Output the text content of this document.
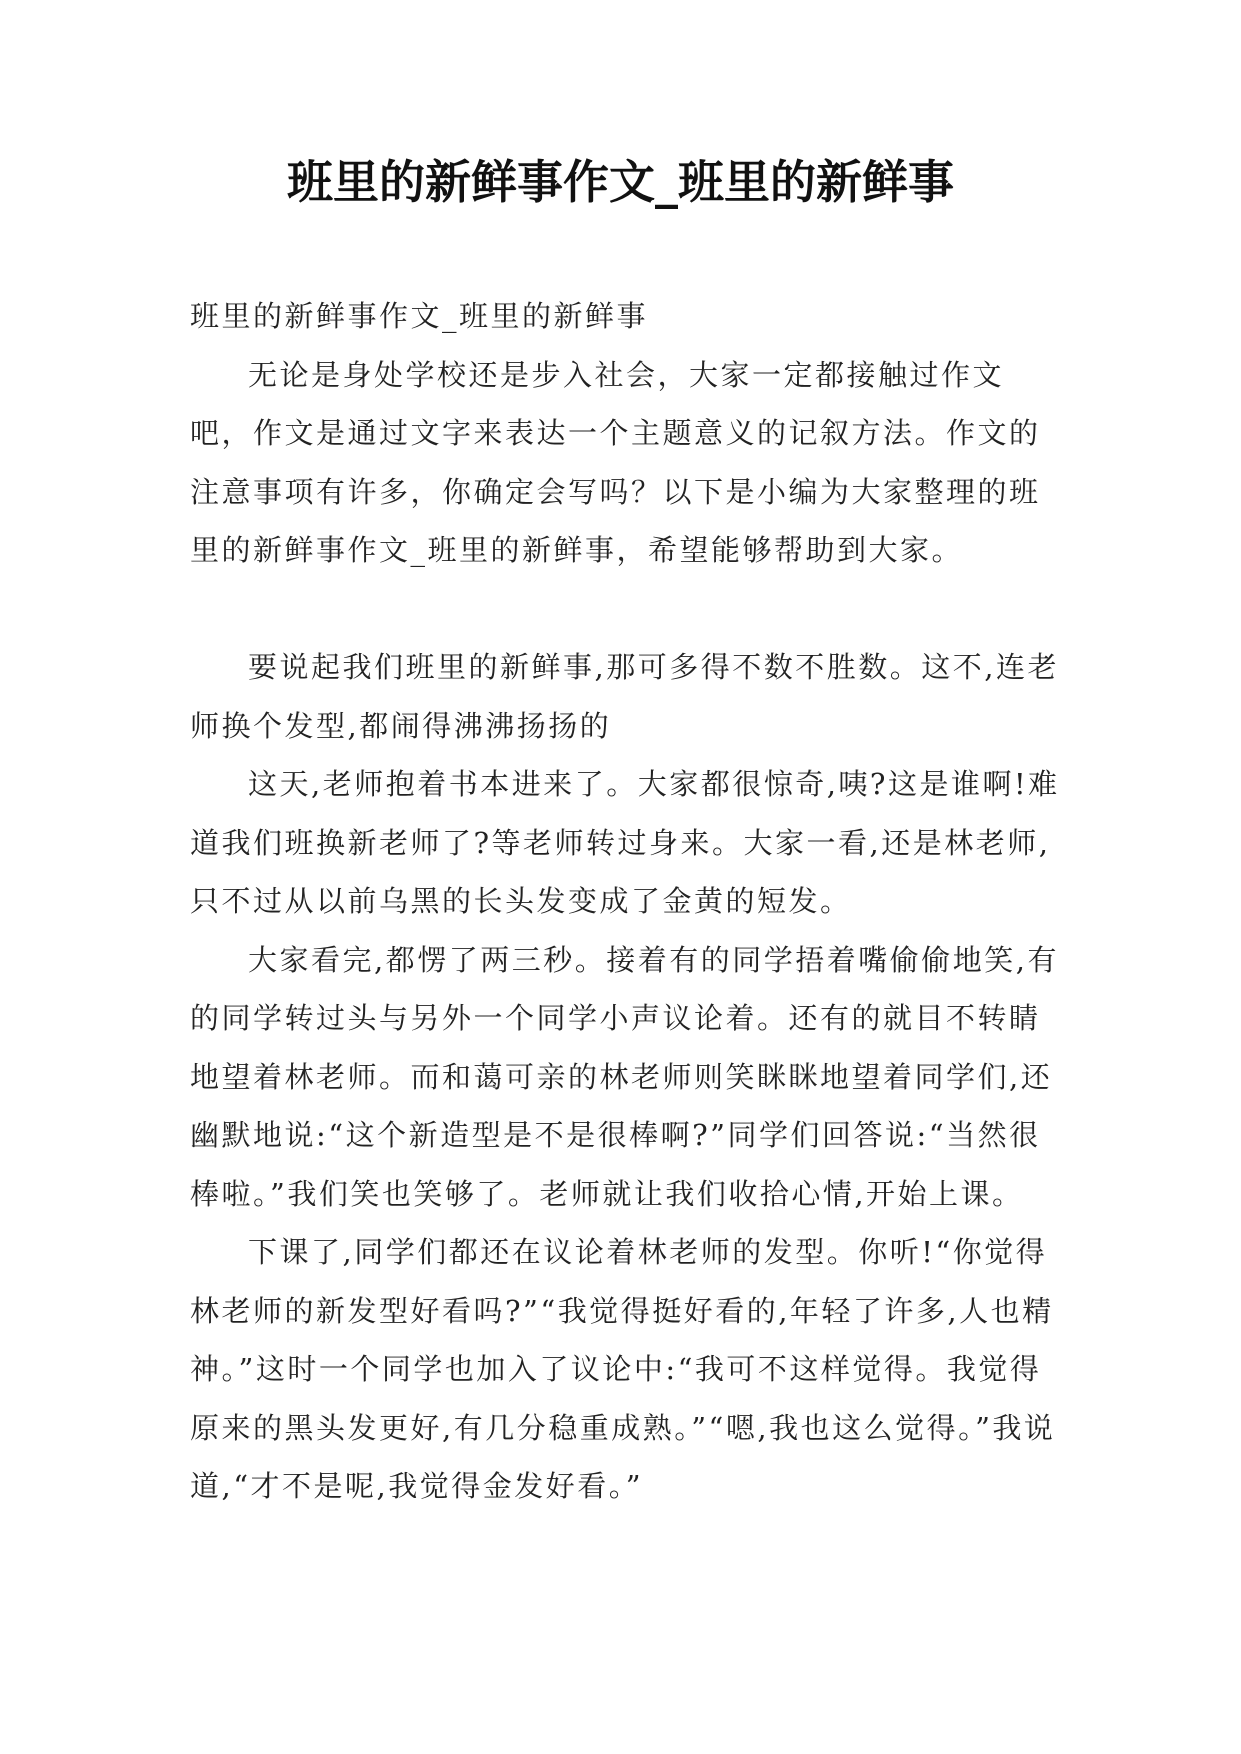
班里的新鲜事作文_班里的新鲜事

班里的新鲜事作文_班里的新鲜事

无论是身处学校还是步入社会，大家一定都接触过作文吧，作文是通过文字来表达一个主题意义的记叙方法。作文的注意事项有许多，你确定会写吗？以下是小编为大家整理的班里的新鲜事作文_班里的新鲜事，希望能够帮助到大家。

要说起我们班里的新鲜事,那可多得不数不胜数。这不,连老师换个发型,都闹得沸沸扬扬的

这天,老师抱着书本进来了。大家都很惊奇,咦?这是谁啊!难道我们班换新老师了?等老师转过身来。大家一看,还是林老师,只不过从以前乌黑的长头发变成了金黄的短发。

大家看完,都愣了两三秒。接着有的同学捂着嘴偷偷地笑,有的同学转过头与另外一个同学小声议论着。还有的就目不转睛地望着林老师。而和蔼可亲的林老师则笑眯眯地望着同学们,还幽默地说:“这个新造型是不是很棒啊?”同学们回答说:“当然很棒啦。”我们笑也笑够了。老师就让我们收拾心情,开始上课。

下课了,同学们都还在议论着林老师的发型。你听!“你觉得林老师的新发型好看吗?”“我觉得挺好看的,年轻了许多,人也精神。”这时一个同学也加入了议论中:“我可不这样觉得。我觉得原来的黑头发更好,有几分稳重成熟。”“嗯,我也这么觉得。”我说道,“才不是呢,我觉得金发好看。”
